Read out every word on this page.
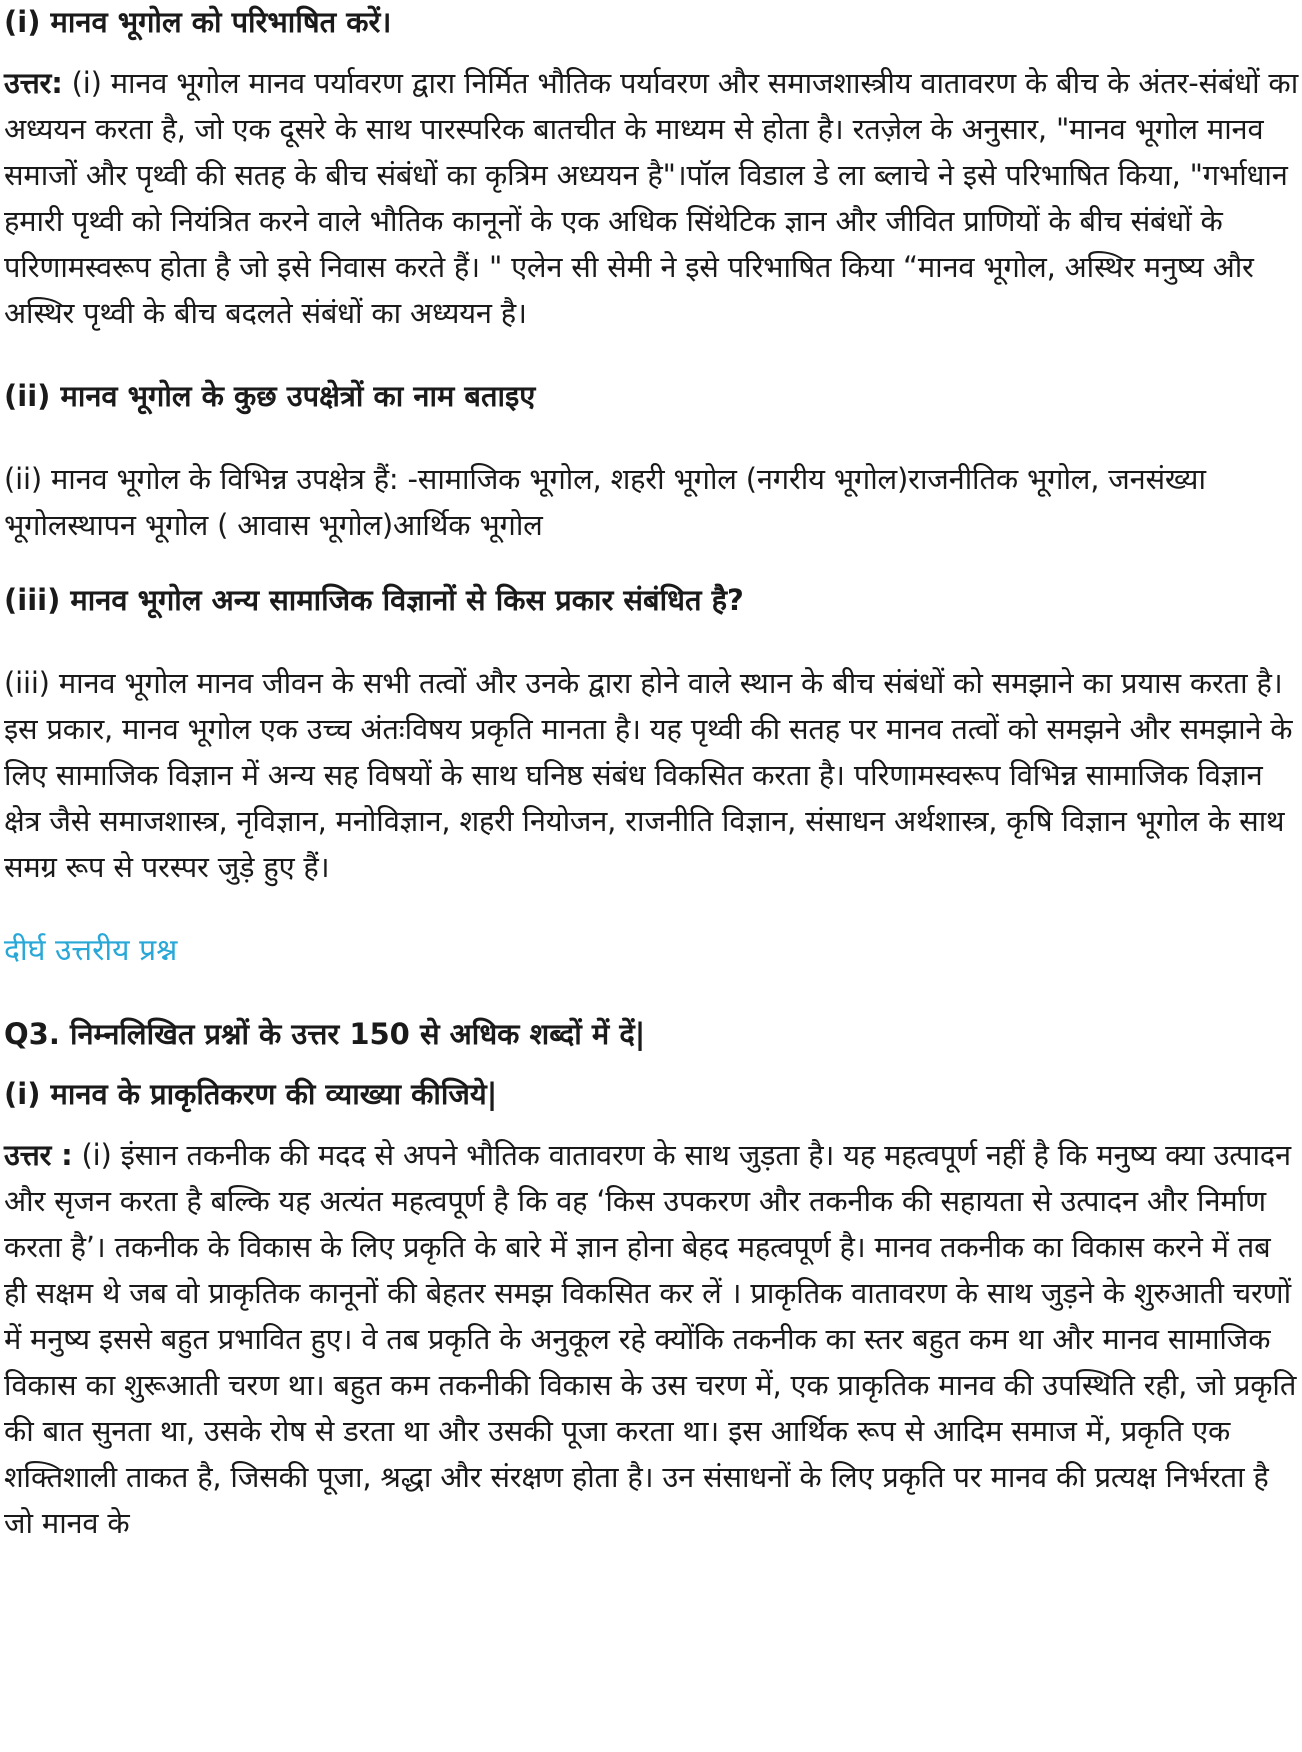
(i) मानव भूगोल को परिभाषित करें।

उत्तर: (i) मानव भूगोल मानव पर्यावरण द्वारा निर्मित भौतिक पर्यावरण और समाजशास्त्रीय वातावरण के बीच के अंतर-संबंधों का अध्ययन करता है, जो एक दूसरे के साथ पारस्परिक बातचीत के माध्यम से होता है। रतज़ेल के अनुसार, "मानव भूगोल मानव समाजों और पृथ्वी की सतह के बीच संबंधों का कृत्रिम अध्ययन है"।पॉल विडाल डे ला ब्लाचे ने इसे परिभाषित किया, "गर्भाधान हमारी पृथ्वी को नियंत्रित करने वाले भौतिक कानूनों के एक अधिक सिंथेटिक ज्ञान और जीवित प्राणियों के बीच संबंधों के परिणामस्वरूप होता है जो इसे निवास करते हैं। " एलेन सी सेमी ने इसे परिभाषित किया “मानव भूगोल, अस्थिर मनुष्य और अस्थिर पृथ्वी के बीच बदलते संबंधों का अध्ययन है।

(ii) मानव भूगोल के कुछ उपक्षेत्रों का नाम बताइए

(ii) मानव भूगोल के विभिन्न उपक्षेत्र हैं: -सामाजिक भूगोल, शहरी भूगोल (नगरीय भूगोल)राजनीतिक भूगोल, जनसंख्या भूगोलस्थापन भूगोल ( आवास भूगोल)आर्थिक भूगोल

(iii) मानव भूगोल अन्य सामाजिक विज्ञानों से किस प्रकार संबंधित है?

(iii) मानव भूगोल मानव जीवन के सभी तत्वों और उनके द्वारा होने वाले स्थान के बीच संबंधों को समझाने का प्रयास करता है। इस प्रकार, मानव भूगोल एक उच्च अंतःविषय प्रकृति मानता है। यह पृथ्वी की सतह पर मानव तत्वों को समझने और समझाने के लिए सामाजिक विज्ञान में अन्य सह विषयों के साथ घनिष्ठ संबंध विकसित करता है। परिणामस्वरूप विभिन्न सामाजिक विज्ञान क्षेत्र जैसे समाजशास्त्र, नृविज्ञान, मनोविज्ञान, शहरी नियोजन, राजनीति विज्ञान, संसाधन अर्थशास्त्र, कृषि विज्ञान भूगोल के साथ समग्र रूप से परस्पर जुड़े हुए हैं।

दीर्घ उत्तरीय प्रश्न

Q3. निम्नलिखित प्रश्नों के उत्तर 150 से अधिक शब्दों में दें|

(i) मानव के प्राकृतिकरण की व्याख्या कीजिये|

उत्तर : (i) इंसान तकनीक की मदद से अपने भौतिक वातावरण के साथ जुड़ता है। यह महत्वपूर्ण नहीं है कि मनुष्य क्या उत्पादन और सृजन करता है बल्कि यह अत्यंत महत्वपूर्ण है कि वह ‘किस उपकरण और तकनीक की सहायता से उत्पादन और निर्माण करता है’। तकनीक के विकास के लिए प्रकृति के बारे में ज्ञान होना बेहद महत्वपूर्ण है। मानव तकनीक का विकास करने में तब ही सक्षम थे जब वो प्राकृतिक कानूनों की बेहतर समझ विकसित कर लें । प्राकृतिक वातावरण के साथ जुड़ने के शुरुआती चरणों में मनुष्य इससे बहुत प्रभावित हुए। वे तब प्रकृति के अनुकूल रहे क्योंकि तकनीक का स्तर बहुत कम था और मानव सामाजिक विकास का शुरूआती चरण था। बहुत कम तकनीकी विकास के उस चरण में, एक प्राकृतिक मानव की उपस्थिति रही, जो प्रकृति की बात सुनता था, उसके रोष से डरता था और उसकी पूजा करता था। इस आर्थिक रूप से आदिम समाज में, प्रकृति एक शक्तिशाली ताकत है, जिसकी पूजा, श्रद्धा और संरक्षण होता है। उन संसाधनों के लिए प्रकृति पर मानव की प्रत्यक्ष निर्भरता है जो मानव के
